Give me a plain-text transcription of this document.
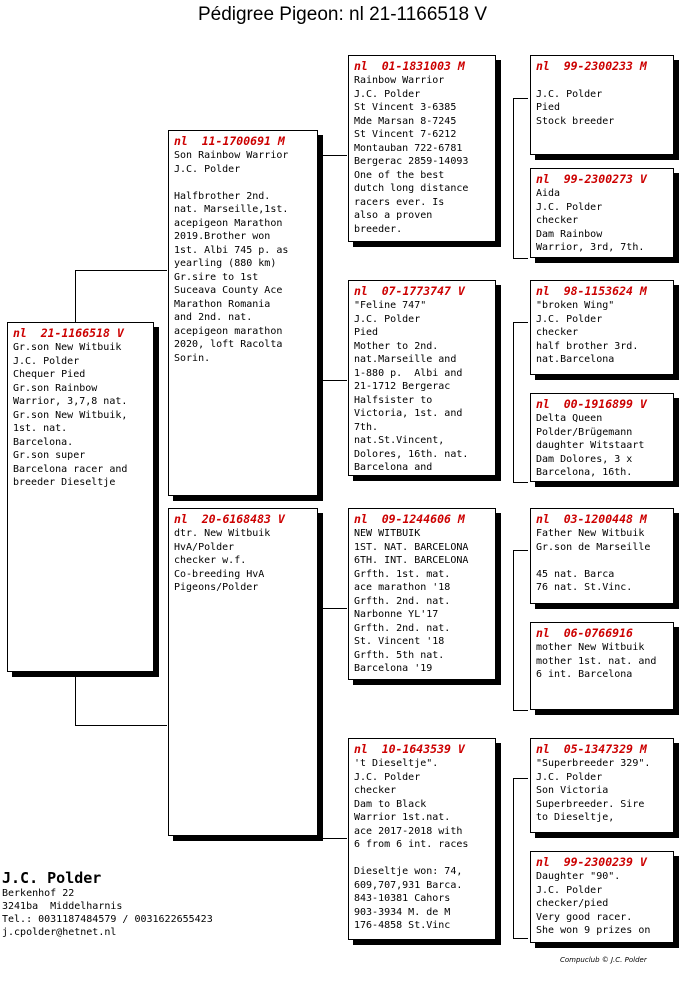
Pédigree Pigeon: nl 21-1166518 V
nl  21-1166518 V
Gr.son New Witbuik
J.C. Polder
Chequer Pied
Gr.son Rainbow
Warrior, 3,7,8 nat.
Gr.son New Witbuik,
1st. nat.
Barcelona.
Gr.son super
Barcelona racer and
breeder Dieseltje
nl  11-1700691 M
Son Rainbow Warrior
J.C. Polder
Halfbrother 2nd.
nat. Marseille,1st.
acepigeon Marathon
2019.Brother won
1st. Albi 745 p. as
yearling (880 km)
Gr.sire to 1st
Suceava County Ace
Marathon Romania
and 2nd. nat.
acepigeon marathon
2020, loft Racolta
Sorin.
nl  20-6168483 V
dtr. New Witbuik
HvA/Polder
checker w.f.
Co-breeding HvA
Pigeons/Polder
nl  01-1831003 M
Rainbow Warrior
J.C. Polder
St Vincent 3-6385
Mde Marsan 8-7245
St Vincent 7-6212
Montauban 722-6781
Bergerac 2859-14093
One of the best
dutch long distance
racers ever. Is
also a proven
breeder.
nl  07-1773747 V
"Feline 747"
J.C. Polder
Pied
Mother to 2nd.
nat.Marseille and
1-880 p.  Albi and
21-1712 Bergerac
Halfsister to
Victoria, 1st. and
7th.
nat.St.Vincent,
Dolores, 16th. nat.
Barcelona and
nl  09-1244606 M
NEW WITBUIK
1ST. NAT. BARCELONA
6TH. INT. BARCELONA
Grfth. 1st. mat.
ace marathon '18
Grfth. 2nd. nat.
Narbonne YL'17
Grfth. 2nd. nat.
St. Vincent '18
Grfth. 5th nat.
Barcelona '19
nl  10-1643539 V
't Dieseltje".
J.C. Polder
checker
Dam to Black
Warrior 1st.nat.
ace 2017-2018 with
6 from 6 int. races
Dieseltje won: 74,
609,707,931 Barca.
843-10381 Cahors
903-3934 M. de M
176-4858 St.Vinc
nl  99-2300233 M
J.C. Polder
Pied
Stock breeder
nl  99-2300273 V
Aida
J.C. Polder
checker
Dam Rainbow
Warrior, 3rd, 7th.
nl  98-1153624 M
"broken Wing"
J.C. Polder
checker
half brother 3rd.
nat.Barcelona
nl  00-1916899 V
Delta Queen
Polder/Brügemann
daughter Witstaart
Dam Dolores, 3 x
Barcelona, 16th.
nl  03-1200448 M
Father New Witbuik
Gr.son de Marseille
45 nat. Barca
76 nat. St.Vinc.
nl  06-0766916
mother New Witbuik
mother 1st. nat. and
6 int. Barcelona
nl  05-1347329 M
"Superbreeder 329".
J.C. Polder
Son Victoria
Superbreeder. Sire
to Dieseltje,
nl  99-2300239 V
Daughter "90".
J.C. Polder
checker/pied
Very good racer.
She won 9 prizes on
J.C. Polder
Berkenhof 22
3241ba  Middelharnis
Tel.: 0031187484579 / 0031622655423
j.cpolder@hetnet.nl
Compuclub © J.C. Polder
